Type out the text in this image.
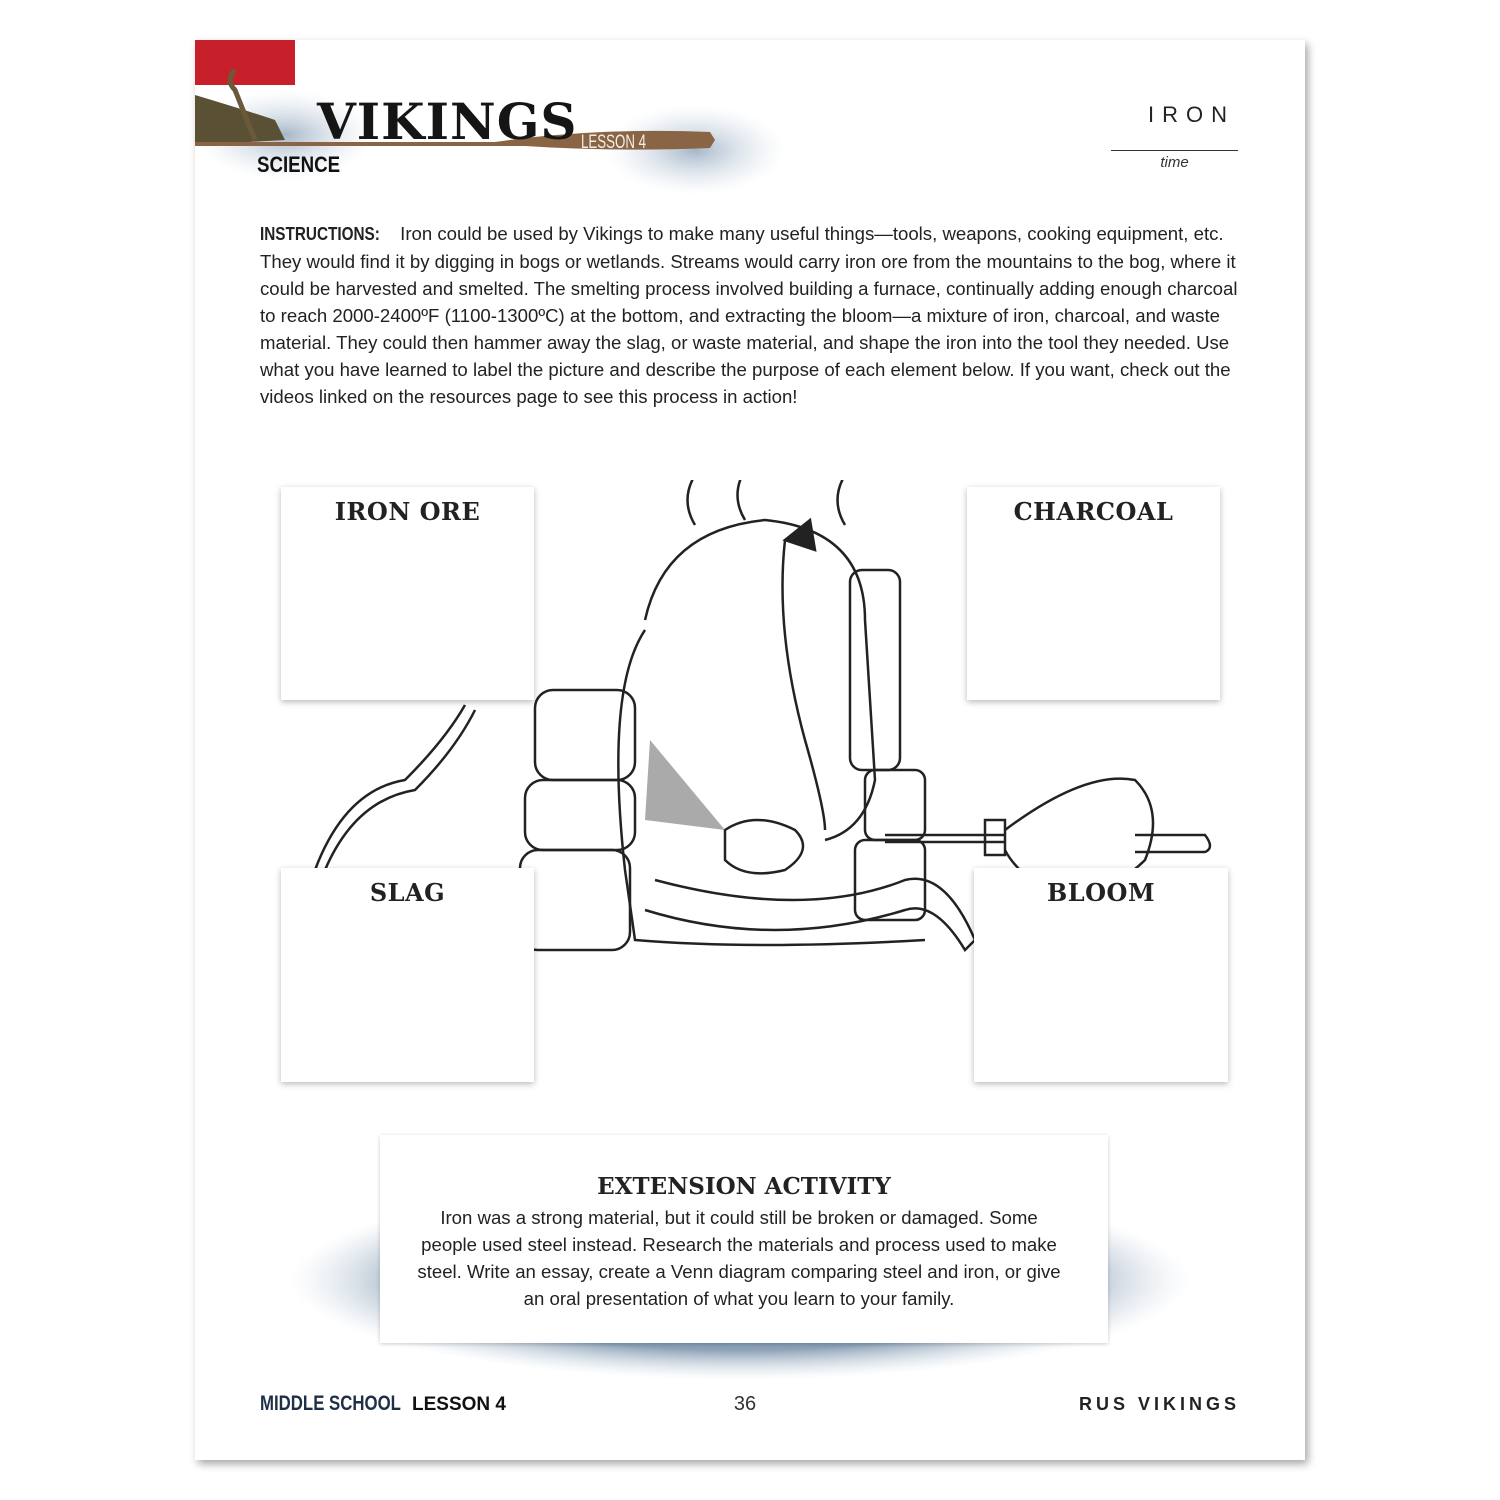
VIKINGS LESSON 4
SCIENCE
IRON
time
INSTRUCTIONS: Iron could be used by Vikings to make many useful things—tools, weapons, cooking equipment, etc. They would find it by digging in bogs or wetlands. Streams would carry iron ore from the mountains to the bog, where it could be harvested and smelted. The smelting process involved building a furnace, continually adding enough charcoal to reach 2000-2400ºF (1100-1300ºC) at the bottom, and extracting the bloom—a mixture of iron, charcoal, and waste material. They could then hammer away the slag, or waste material, and shape the iron into the tool they needed. Use what you have learned to label the picture and describe the purpose of each element below. If you want, check out the videos linked on the resources page to see this process in action!
IRON ORE	CHARCOAL
SLAG	BLOOM
EXTENSION ACTIVITY
Iron was a strong material, but it could still be broken or damaged. Some people used steel instead. Research the materials and process used to make steel. Write an essay, create a Venn diagram comparing steel and iron, or give an oral presentation of what you learn to your family.
MIDDLE SCHOOL LESSON 4	36	RUS VIKINGS
